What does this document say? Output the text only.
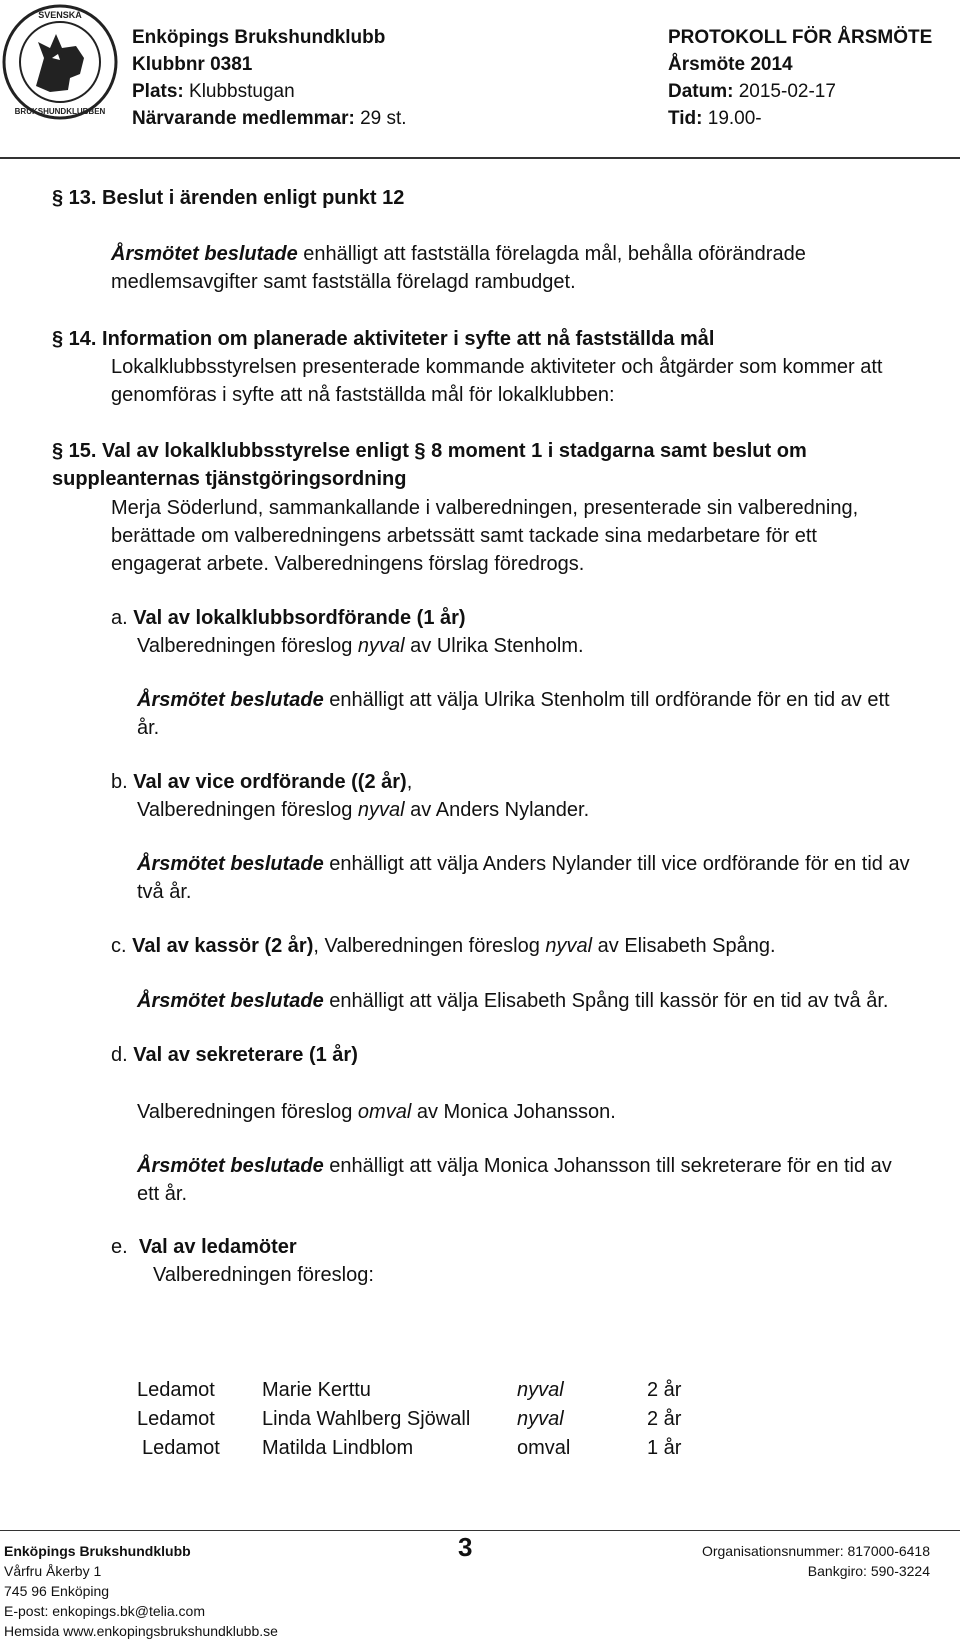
SVENSKA
BRUKSHUNDKLUBBEN
Enköpings Brukshundklubb
Klubbnr 0381
Plats: Klubbstugan
Närvarande medlemmar: 29 st.
PROTOKOLL FÖR ÅRSMÖTE
Årsmöte 2014
Datum: 2015-02-17
Tid: 19.00-
§ 13. Beslut i ärenden enligt punkt 12
Årsmötet beslutade enhälligt att fastställa förelagda mål, behålla oförändrade medlemsavgifter samt fastställa förelagd rambudget.
§ 14. Information om planerade aktiviteter i syfte att nå fastställda mål
Lokalklubbsstyrelsen presenterade kommande aktiviteter och åtgärder som kommer att genomföras i syfte att nå fastställda mål för lokalklubben:
§ 15. Val av lokalklubbsstyrelse enligt § 8 moment 1 i stadgarna samt beslut om suppleanternas tjänstgöringsordning
Merja Söderlund, sammankallande i valberedningen, presenterade sin valberedning, berättade om valberedningens arbetssätt samt tackade sina medarbetare för ett engagerat arbete. Valberedningens förslag föredrogs.
a. Val av lokalklubbsordförande (1 år)
Valberedningen föreslog nyval av Ulrika Stenholm.
Årsmötet beslutade enhälligt att välja Ulrika Stenholm till ordförande för en tid av ett år.
b. Val av vice ordförande ((2 år),
Valberedningen föreslog nyval av Anders Nylander.
Årsmötet beslutade enhälligt att välja Anders Nylander till vice ordförande för en tid av två år.
c. Val av kassör (2 år), Valberedningen föreslog nyval av Elisabeth Spång.
Årsmötet beslutade enhälligt att välja Elisabeth Spång till kassör för en tid av två år.
d. Val av sekreterare (1 år)
Valberedningen föreslog omval av Monica Johansson.
Årsmötet beslutade enhälligt att välja Monica Johansson till sekreterare för en tid av ett år.
e. Val av ledamöter
Valberedningen föreslog:
Ledamot	Marie Kerttu	nyval	2 år
Ledamot	Linda Wahlberg Sjöwall	nyval	2 år
Ledamot	Matilda Lindblom	omval	1 år
Enköpings Brukshundklubb
Vårfru Åkerby 1
745 96 Enköping
E-post: enkopings.bk@telia.com
Hemsida www.enkopingsbrukshundklubb.se
3	Organisationsnummer: 817000-6418
Bankgiro: 590-3224
